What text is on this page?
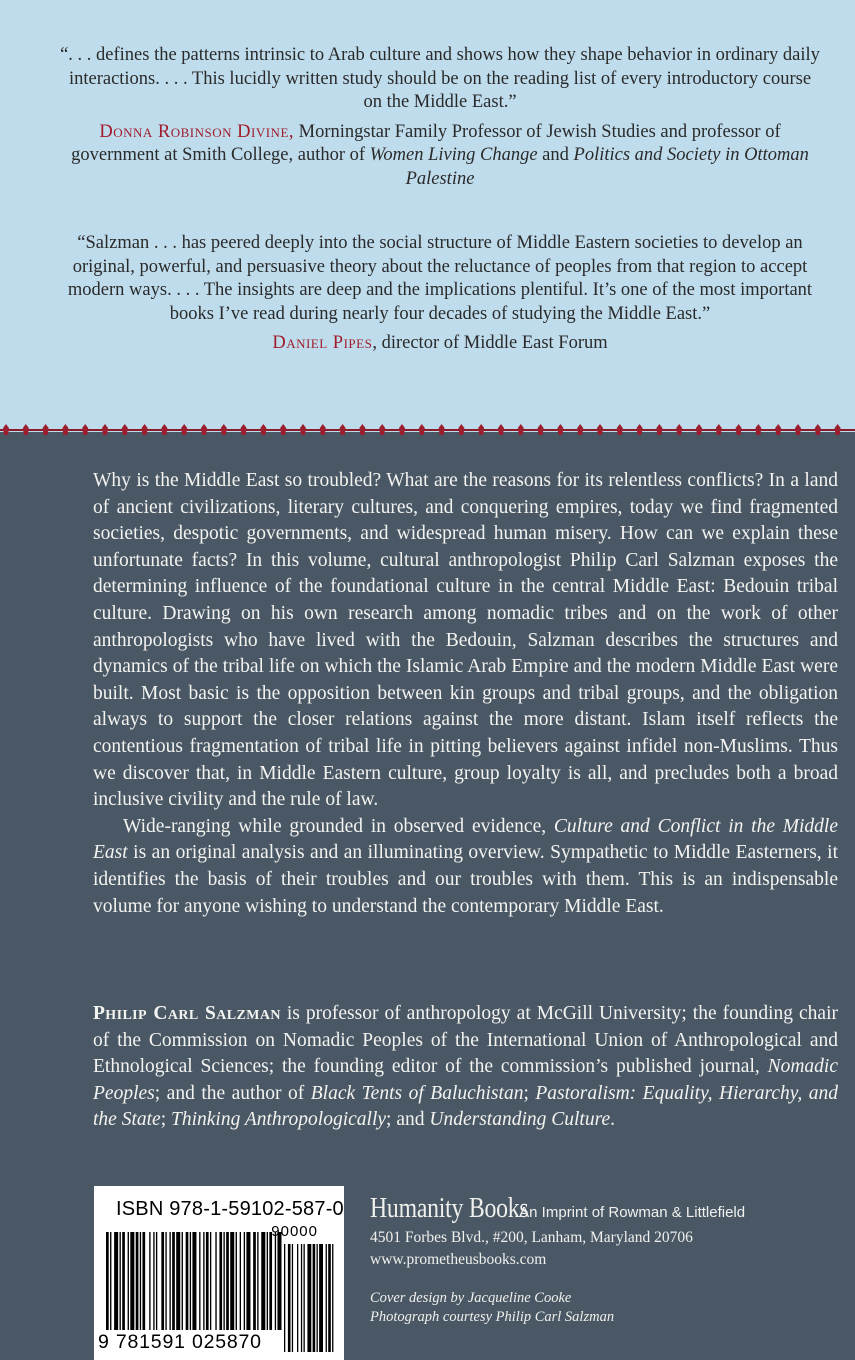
“. . . defines the patterns intrinsic to Arab culture and shows how they shape behavior in ordinary daily interactions. . . . This lucidly written study should be on the reading list of every introductory course on the Middle East.”
Donna Robinson Divine, Morningstar Family Professor of Jewish Studies and professor of government at Smith College, author of Women Living Change and Politics and Society in Ottoman Palestine
“Salzman . . . has peered deeply into the social structure of Middle Eastern societies to develop an original, powerful, and persuasive theory about the reluctance of peoples from that region to accept modern ways. . . . The insights are deep and the implications plentiful. It’s one of the most important books I’ve read during nearly four decades of studying the Middle East.”
Daniel Pipes, director of Middle East Forum

Why is the Middle East so troubled? What are the reasons for its relentless conflicts? In a land of ancient civilizations, literary cultures, and conquering empires, today we find fragmented societies, despotic governments, and widespread human misery. How can we explain these unfortunate facts? In this volume, cultural anthropologist Philip Carl Salzman exposes the determining influence of the foundational culture in the central Middle East: Bedouin tribal culture. Drawing on his own research among nomadic tribes and on the work of other anthropologists who have lived with the Bedouin, Salzman describes the structures and dynamics of the tribal life on which the Islamic Arab Empire and the modern Middle East were built. Most basic is the opposition between kin groups and tribal groups, and the obligation always to support the closer relations against the more distant. Islam itself reflects the contentious fragmentation of tribal life in pitting believers against infidel non-Muslims. Thus we discover that, in Middle Eastern culture, group loyalty is all, and precludes both a broad inclusive civility and the rule of law.

Wide-ranging while grounded in observed evidence, Culture and Conflict in the Middle East is an original analysis and an illuminating overview. Sympathetic to Middle Easterners, it identifies the basis of their troubles and our troubles with them. This is an indispensable volume for anyone wishing to understand the contemporary Middle East.

Philip Carl Salzman is professor of anthropology at McGill University; the founding chair of the Commission on Nomadic Peoples of the International Union of Anthropological and Ethnological Sciences; the founding editor of the commission’s published journal, Nomadic Peoples; and the author of Black Tents of Baluchistan; Pastoralism: Equality, Hierarchy, and the State; Thinking Anthropologically; and Understanding Culture.

ISBN 978-1-59102-587-0
90000
9 781591 025870
Humanity BooksAn Imprint of Rowman & Littlefield
4501 Forbes Blvd., #200, Lanham, Maryland 20706
www.prometheusbooks.com
Cover design by Jacqueline Cooke
Photograph courtesy Philip Carl Salzman
